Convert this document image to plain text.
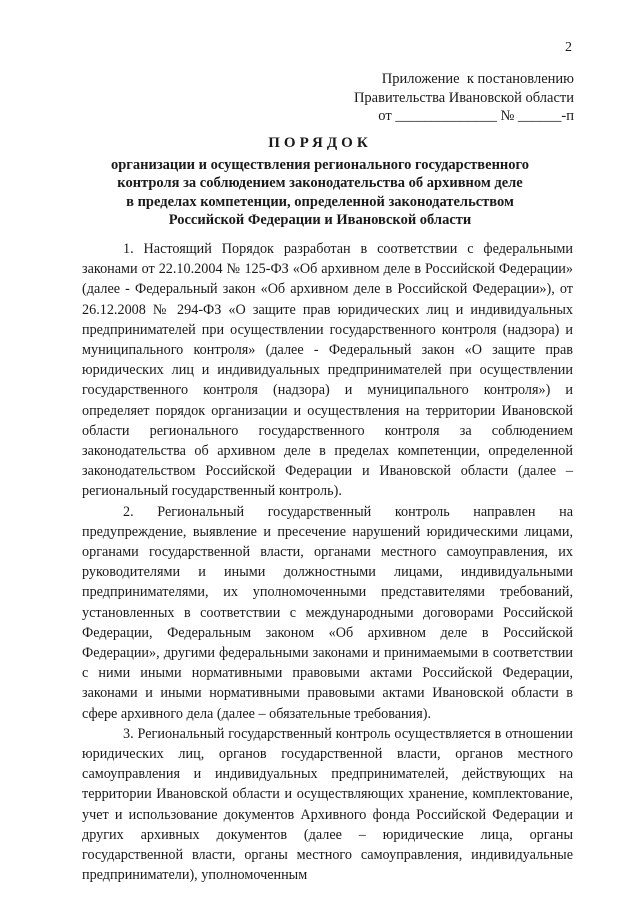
2
Приложение  к постановлению
Правительства Ивановской области
от ______________ № ______-п
ПОРЯДОК
организации и осуществления регионального государственного
контроля за соблюдением законодательства об архивном деле
в пределах компетенции, определенной законодательством
Российской Федерации и Ивановской области

1. Настоящий Порядок разработан в соответствии с федеральными законами от 22.10.2004 № 125-ФЗ «Об архивном деле в Российской Федерации» (далее - Федеральный закон «Об архивном деле в Российской Федерации»), от 26.12.2008 № 294-ФЗ «О защите прав юридических лиц и индивидуальных предпринимателей при осуществлении государственного контроля (надзора) и муниципального контроля» (далее - Федеральный закон «О защите прав юридических лиц и индивидуальных предпринимателей при осуществлении государственного контроля (надзора) и муниципального контроля») и определяет порядок организации и осуществления на территории Ивановской области регионального государственного контроля за соблюдением законодательства об архивном деле в пределах компетенции, определенной законодательством Российской Федерации и Ивановской области (далее – региональный государственный контроль).

2. Региональный государственный контроль направлен на предупреждение, выявление и пресечение нарушений юридическими лицами, органами государственной власти, органами местного самоуправления, их руководителями и иными должностными лицами, индивидуальными предпринимателями, их уполномоченными представителями требований, установленных в соответствии с международными договорами Российской Федерации, Федеральным законом «Об архивном деле в Российской Федерации», другими федеральными законами и принимаемыми в соответствии с ними иными нормативными правовыми актами Российской Федерации, законами и иными нормативными правовыми актами Ивановской области в сфере архивного дела (далее – обязательные требования).

3. Региональный государственный контроль осуществляется в отношении юридических лиц, органов государственной власти, органов местного самоуправления и индивидуальных предпринимателей, действующих на территории Ивановской области и осуществляющих хранение, комплектование, учет и использование документов Архивного фонда Российской Федерации и других архивных документов (далее – юридические лица, органы государственной власти, органы местного самоуправления, индивидуальные предприниматели), уполномоченным
